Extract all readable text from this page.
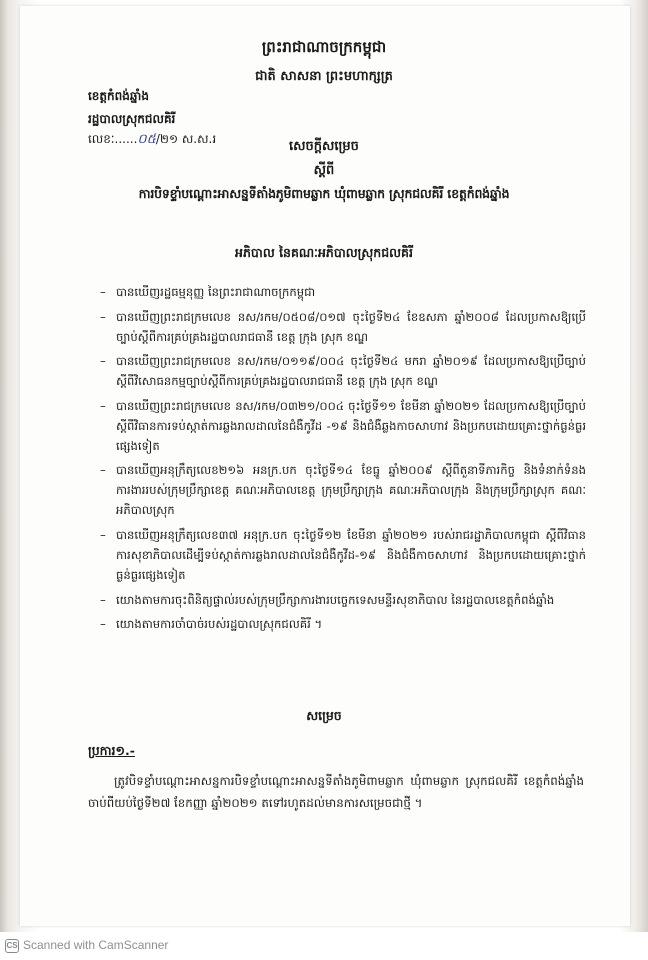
ព្រះរាជាណាចក្រកម្ពុជា
ជាតិ សាសនា ព្រះមហាក្សត្រ
ខេត្តកំពង់ឆ្នាំង
រដ្ឋបាលស្រុកជលគិរី
លេខៈ......០៥/២១ ស.ស.រ	សេចក្តីសម្រេច
ស្តីពី
ការបិទខ្ទាំបណ្តោះអាសន្នទីតាំងភូមិពាមឆ្លាក ឃុំពាមឆ្លាក ស្រុកជលគិរី ខេត្តកំពង់ឆ្នាំង
អភិបាល នៃគណៈអភិបាលស្រុកជលគិរី
– បានឃើញរដ្ឋធម្មនុញ្ញ នៃព្រះរាជាណាចក្រកម្ពុជា
– បានឃើញព្រះរាជក្រមលេខ នស/រកម/០៥០៨/០១៧ ចុះថ្ងៃទី២៤ ខែឧសភា ឆ្នាំ២០០៨ ដែលប្រកាសឱ្យប្រើច្បាប់ស្តីពីការគ្រប់គ្រងរដ្ឋបាលរាជធានី ខេត្ត ក្រុង ស្រុក ខណ្ឌ
– បានឃើញព្រះរាជក្រមលេខ នស/រកម/០១១៩/០០៤ ចុះថ្ងៃទី២៤ មករា ឆ្នាំ២០១៩ ដែលប្រកាសឱ្យប្រើច្បាប់ស្តីពីវិសោធនកម្មច្បាប់ស្តីពីការគ្រប់គ្រងរដ្ឋបាលរាជធានី ខេត្ត ក្រុង ស្រុក ខណ្ឌ
– បានឃើញព្រះរាជក្រមលេខ នស/រកម/០៣២១/០០៤ ចុះថ្ងៃទី១១ ខែមីនា ឆ្នាំ២០២១ ដែលប្រកាសឱ្យប្រើច្បាប់ស្តីពីវិធានការទប់ស្កាត់ការឆ្លងរាលដាលនៃជំងឺកូវីដ -១៩ និងជំងឺឆ្លងកាចសាហាវ និងប្រកបដោយគ្រោះថ្នាក់ធ្ងន់ធ្ងរផ្សេងទៀត
– បានឃើញអនុក្រឹត្យលេខ២១៦ អនក្រ.បក ចុះថ្ងៃទី១៤ ខែធ្នូ ឆ្នាំ២០០៩ ស្តីពីតួនាទីភារកិច្ច និងទំនាក់ទំនងការងាររបស់ក្រុមប្រឹក្សាខេត្ត គណៈអភិបាលខេត្ត ក្រុមប្រឹក្សាក្រុង គណៈអភិបាលក្រុង និងក្រុមប្រឹក្សាស្រុក គណៈអភិបាលស្រុក
– បានឃើញអនុក្រឹត្យលេខ៣៧ អនុក្រ.បក ចុះថ្ងៃទី១២ ខែមីនា ឆ្នាំ២០២១ របស់រាជរដ្ឋាភិបាលកម្ពុជា ស្តីពីវិធានការសុខាភិបាលដើម្បីទប់ស្កាត់ការឆ្លងរាលដាលនៃជំងឺកូវីដ-១៩ និងជំងឺកាចសាហាវ និងប្រកបដោយគ្រោះថ្នាក់ធ្ងន់ធ្ងរផ្សេងទៀត
– យោងតាមការចុះពិនិត្យផ្ទាល់របស់ក្រុមប្រឹក្សាការងារបច្ចេកទេសមន្ទីរសុខាភិបាល នៃរដ្ឋបាលខេត្តកំពង់ឆ្នាំង
– យោងតាមការចាំបាច់របស់រដ្ឋបាលស្រុកជលគិរី ។
សម្រេច
ប្រការ១.-
ត្រូវបិទខ្ទាំបណ្តោះអាសន្នការបិទខ្ទាំបណ្តោះអាសន្នទីតាំងភូមិពាមឆ្លាក ឃុំពាមឆ្លាក ស្រុកជលគិរី ខេត្តកំពង់ឆ្នាំង ចាប់ពីយប់ថ្ងៃទី២៧ ខែកញ្ញា ឆ្នាំ២០២១ តទៅរហូតដល់មានការសម្រេចជាថ្មី ។
CS Scanned with CamScanner
